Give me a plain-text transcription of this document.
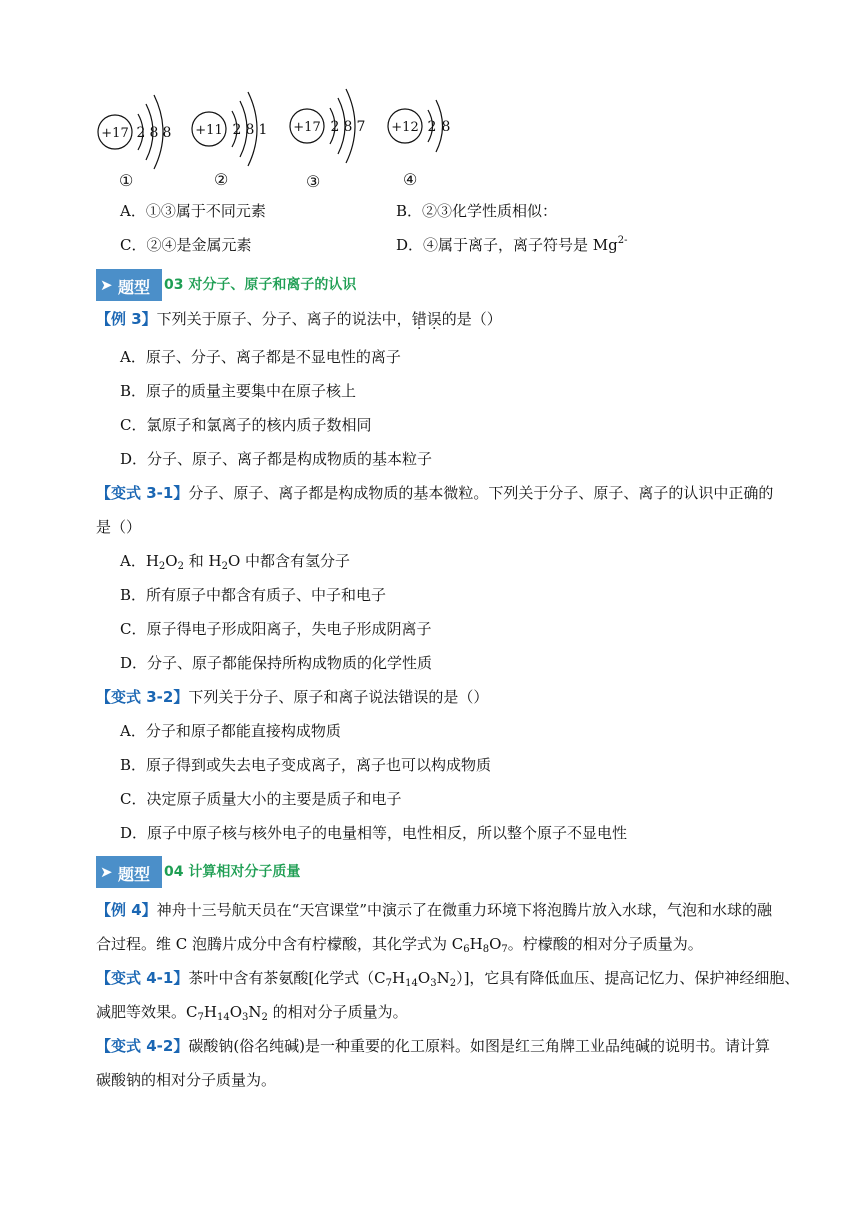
+17 2 8 8 +11 2 8 1 +17 2 8 7 +12 2 8
①	②	③	④
A．①③属于不同元素	B．②③化学性质相似：
C．②④是金属元素	D．④属于离子，离子符号是 $Mg^{2-}$
➤ 题型 03 对分子、原子和离子的认识
【例 3】下列关于原子、分子、离子的说法中，错误的是（）
A．原子、分子、离子都是不显电性的离子
B．原子的质量主要集中在原子核上
C．氯原子和氯离子的核内质子数相同
D．分子、原子、离子都是构成物质的基本粒子
【变式 3-1】分子、原子、离子都是构成物质的基本微粒。下列关于分子、原子、离子的认识中正确的
是（）
A．$H_2O_2$ 和 $H_2O$ 中都含有氢分子
B．所有原子中都含有质子、中子和电子
C．原子得电子形成阳离子，失电子形成阴离子
D．分子、原子都能保持所构成物质的化学性质
【变式 3-2】下列关于分子、原子和离子说法错误的是（）
A．分子和原子都能直接构成物质
B．原子得到或失去电子变成离子，离子也可以构成物质
C．决定原子质量大小的主要是质子和电子
D．原子中原子核与核外电子的电量相等，电性相反，所以整个原子不显电性
➤ 题型 04 计算相对分子质量
【例 4】神舟十三号航天员在“天宫课堂”中演示了在微重力环境下将泡腾片放入水球，气泡和水球的融
合过程。维 C 泡腾片成分中含有柠檬酸，其化学式为 $C_6H_8O_7$。柠檬酸的相对分子质量为。
【变式 4-1】茶叶中含有茶氨酸[化学式$(C_7H_{14}O_3N_2)$]，它具有降低血压、提高记忆力、保护神经细胞、
减肥等效果。$C_7H_{14}O_3N_2$ 的相对分子质量为。
【变式 4-2】碳酸钠(俗名纯碱)是一种重要的化工原料。如图是红三角牌工业品纯碱的说明书。请计算
碳酸钠的相对分子质量为。
